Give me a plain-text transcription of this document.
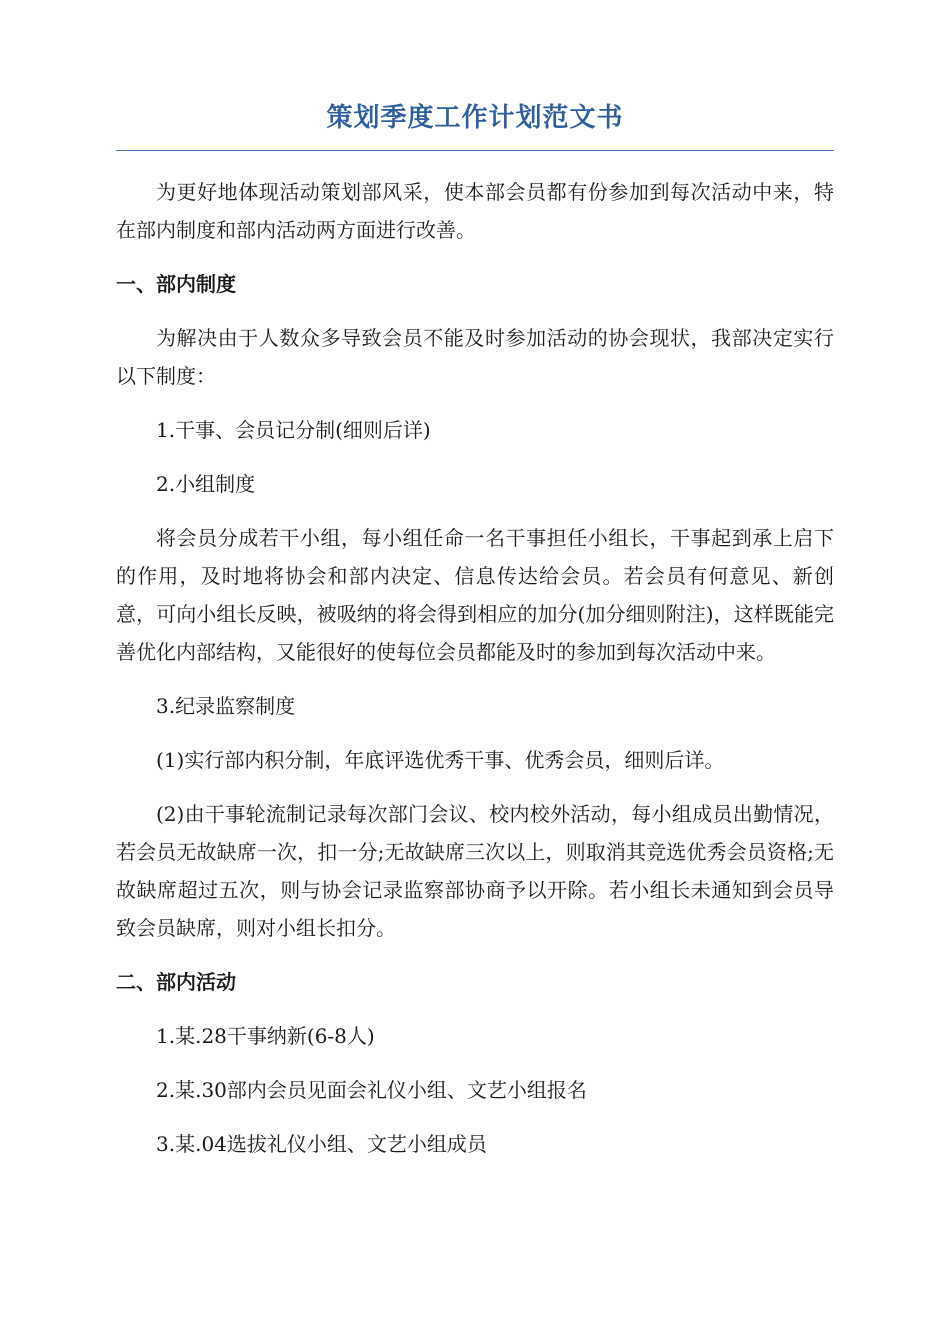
策划季度工作计划范文书

为更好地体现活动策划部风采，使本部会员都有份参加到每次活动中来，特在部内制度和部内活动两方面进行改善。

一、部内制度

为解决由于人数众多导致会员不能及时参加活动的协会现状，我部决定实行以下制度：

1.干事、会员记分制(细则后详)

2.小组制度

将会员分成若干小组，每小组任命一名干事担任小组长，干事起到承上启下的作用，及时地将协会和部内决定、信息传达给会员。若会员有何意见、新创意，可向小组长反映，被吸纳的将会得到相应的加分(加分细则附注)，这样既能完善优化内部结构，又能很好的使每位会员都能及时的参加到每次活动中来。

3.纪录监察制度

(1)实行部内积分制，年底评选优秀干事、优秀会员，细则后详。

(2)由干事轮流制记录每次部门会议、校内校外活动，每小组成员出勤情况，若会员无故缺席一次，扣一分;无故缺席三次以上，则取消其竞选优秀会员资格;无故缺席超过五次，则与协会记录监察部协商予以开除。若小组长未通知到会员导致会员缺席，则对小组长扣分。

二、部内活动

1.某.28干事纳新(6-8人)

2.某.30部内会员见面会礼仪小组、文艺小组报名

3.某.04选拔礼仪小组、文艺小组成员
